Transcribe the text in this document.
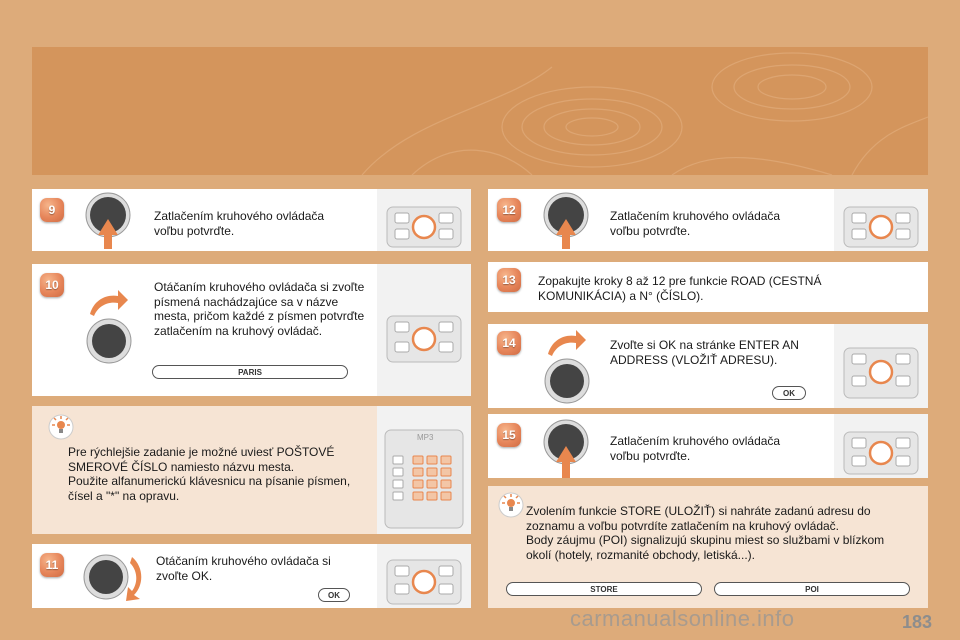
Zatlačením kruhového ovládača voľbu potvrďte.
9
Otáčaním kruhového ovládača si zvoľte písmená nachádzajúce sa v názve mesta, pričom každé z písmen potvrďte zatlačením na kruhový ovládač.
PARIS
10
Pre rýchlejšie zadanie je možné uviesť POŠTOVÉ SMEROVÉ ČÍSLO namiesto názvu mesta.
Použite alfanumerickú klávesnicu na písanie písmen, čísel a "*" na opravu.
MP3
Otáčaním kruhového ovládača si zvoľte OK.
OK
11
Zatlačením kruhového ovládača voľbu potvrďte.
12
Zopakujte kroky 8 až 12 pre funkcie ROAD (CESTNÁ KOMUNIKÁCIA) a N° (ČÍSLO).
13
Zvoľte si OK na stránke ENTER AN ADDRESS (VLOŽIŤ ADRESU).
OK
14
Zatlačením kruhového ovládača voľbu potvrďte.
15
Zvolením funkcie STORE (ULOŽIŤ) si nahráte zadanú adresu do zoznamu a voľbu potvrdíte zatlačením na kruhový ovládač.
Body záujmu (POI) signalizujú skupinu miest so službami v blízkom okolí (hotely, rozmanité obchody, letiská...).
STORE	POI
carmanualsonline.info	183
